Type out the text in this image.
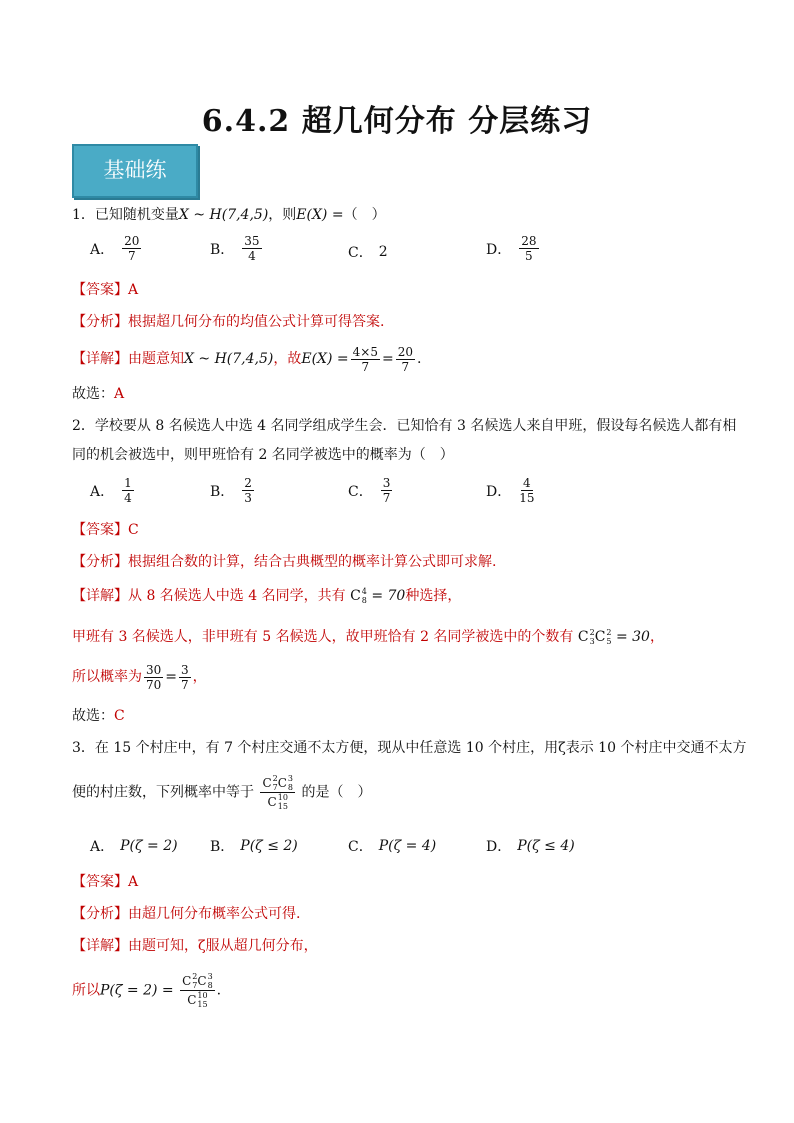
6.4.2 超几何分布 分层练习
基础练
1．已知随机变量X ~ H(7,4,5)，则E(X) =（　）
A． $\frac{20}{7}$	B． $\frac{35}{4}$	C． 2	D． $\frac{28}{5}$
【答案】A
【分析】根据超几何分布的均值公式计算可得答案.
【详解】由题意知X ~ H(7,4,5)，故$E(X) = \frac{4\times 5}{7} = \frac{20}{7}$ .
故选：A
2．学校要从 8 名候选人中选 4 名同学组成学生会．已知恰有 3 名候选人来自甲班，假设每名候选人都有相
同的机会被选中，则甲班恰有 2 名同学被选中的概率为（　）
A． $\frac{1}{4}$	B． $\frac{2}{3}$	C． $\frac{3}{7}$	D． $\frac{4}{15}$
【答案】C
【分析】根据组合数的计算，结合古典概型的概率计算公式即可求解.
【详解】从 8 名候选人中选 4 名同学，共有 C 4
8 = 70种选择，
甲班有 3 名候选人，非甲班有 5 名候选人，故甲班恰有 2 名同学被选中的个数有 C 2
3 C 2
5 = 30，
所以概率为 $\frac{30}{70} = \frac{3}{7}$ ，
故选：C
3．在 15 个村庄中，有 7 个村庄交通不太方便，现从中任意选 10 个村庄，用ζ表示 10 个村庄中交通不太方
便的村庄数，下列概率中等于 C 2
7 C 3
8
C 10
15 的是（　）
A． P(ζ = 2) B． P(ζ ≤ 2)	C． P(ζ = 4)	D． P(ζ ≤ 4)
【答案】A
【分析】由超几何分布概率公式可得.
【详解】由题可知，ζ服从超几何分布，
所以P(ζ = 2) = C 2
7 C 3
8
C 10
15 .
